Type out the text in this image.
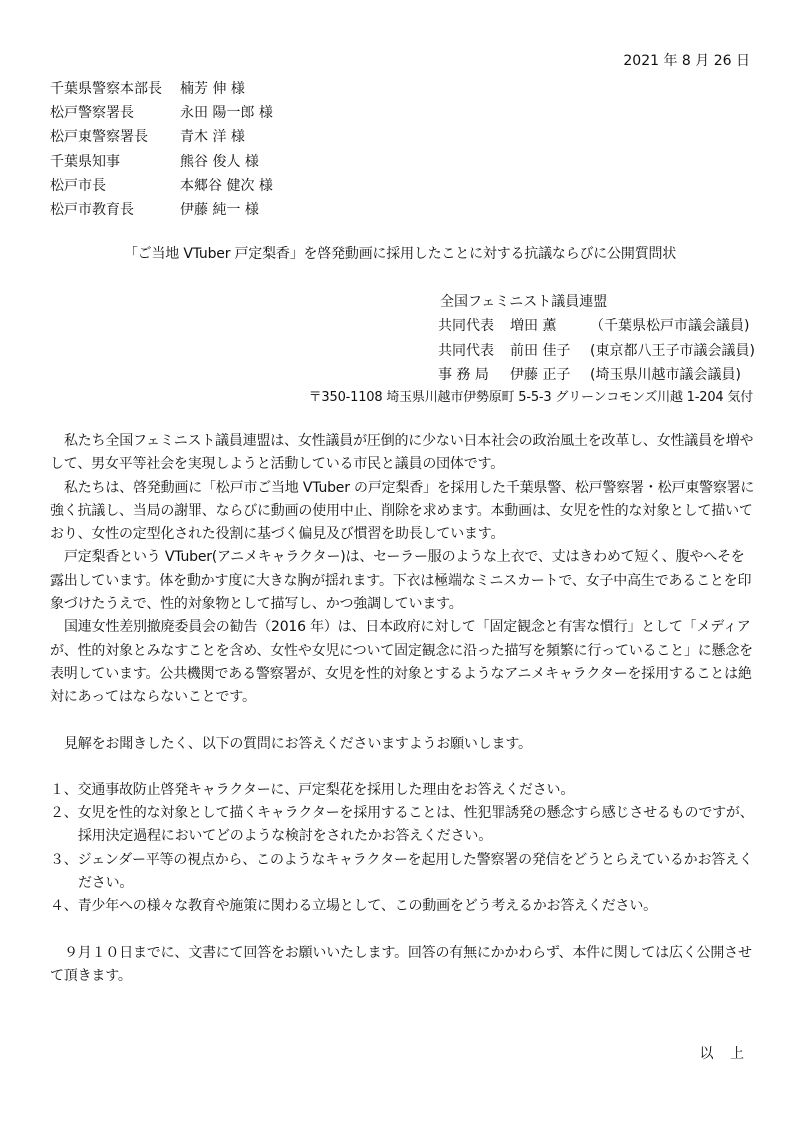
2021 年 8 月 26 日
千葉県警察本部長	楠芳 伸 様
松戸警察署長	永田 陽一郎 様
松戸東警察署長	青木 洋 様
千葉県知事	熊谷 俊人 様
松戸市長	本郷谷 健次 様
松戸市教育長	伊藤 純一 様
「ご当地 VTuber 戸定梨香」を啓発動画に採用したことに対する抗議ならびに公開質問状
全国フェミニスト議員連盟
共同代表 増田 薫 （千葉県松戸市議会議員)
共同代表 前田 佳子 (東京都八王子市議会議員)
事 務 局 伊藤 正子 (埼玉県川越市議会議員)
〒350-1108 埼玉県川越市伊勢原町 5-5-3 グリーンコモンズ川越 1-204 気付

私たち全国フェミニスト議員連盟は、女性議員が圧倒的に少ない日本社会の政治風土を改革し、女性議員を増やして、男女平等社会を実現しようと活動している市民と議員の団体です。

私たちは、啓発動画に「松戸市ご当地 VTuber の戸定梨香」を採用した千葉県警、松戸警察署・松戸東警察署に強く抗議し、当局の謝罪、ならびに動画の使用中止、削除を求めます。本動画は、女児を性的な対象として描いており、女性の定型化された役割に基づく偏見及び慣習を助長しています。

戸定梨香という VTuber(アニメキャラクター)は、セーラー服のような上衣で、丈はきわめて短く、腹やへそを露出しています。体を動かす度に大きな胸が揺れます。下衣は極端なミニスカートで、女子中高生であることを印象づけたうえで、性的対象物として描写し、かつ強調しています。

国連女性差別撤廃委員会の勧告（2016 年）は、日本政府に対して「固定観念と有害な慣行」として「メディアが、性的対象とみなすことを含め、女性や女児について固定観念に沿った描写を頻繁に行っていること」に懸念を表明しています。公共機関である警察署が、女児を性的対象とするようなアニメキャラクターを採用することは絶対にあってはならないことです。

見解をお聞きしたく、以下の質問にお答えくださいますようお願いします。

１、交通事故防止啓発キャラクターに、戸定梨花を採用した理由をお答えください。
２、女児を性的な対象として描くキャラクターを採用することは、性犯罪誘発の懸念すら感じさせるものですが、採用決定過程においてどのような検討をされたかお答えください。
３、ジェンダー平等の視点から、このようなキャラクターを起用した警察署の発信をどうとらえているかお答えください。
４、青少年への様々な教育や施策に関わる立場として、この動画をどう考えるかお答えください。

９月１０日までに、文書にて回答をお願いいたします。回答の有無にかかわらず、本件に関しては広く公開させて頂きます。

以 上
